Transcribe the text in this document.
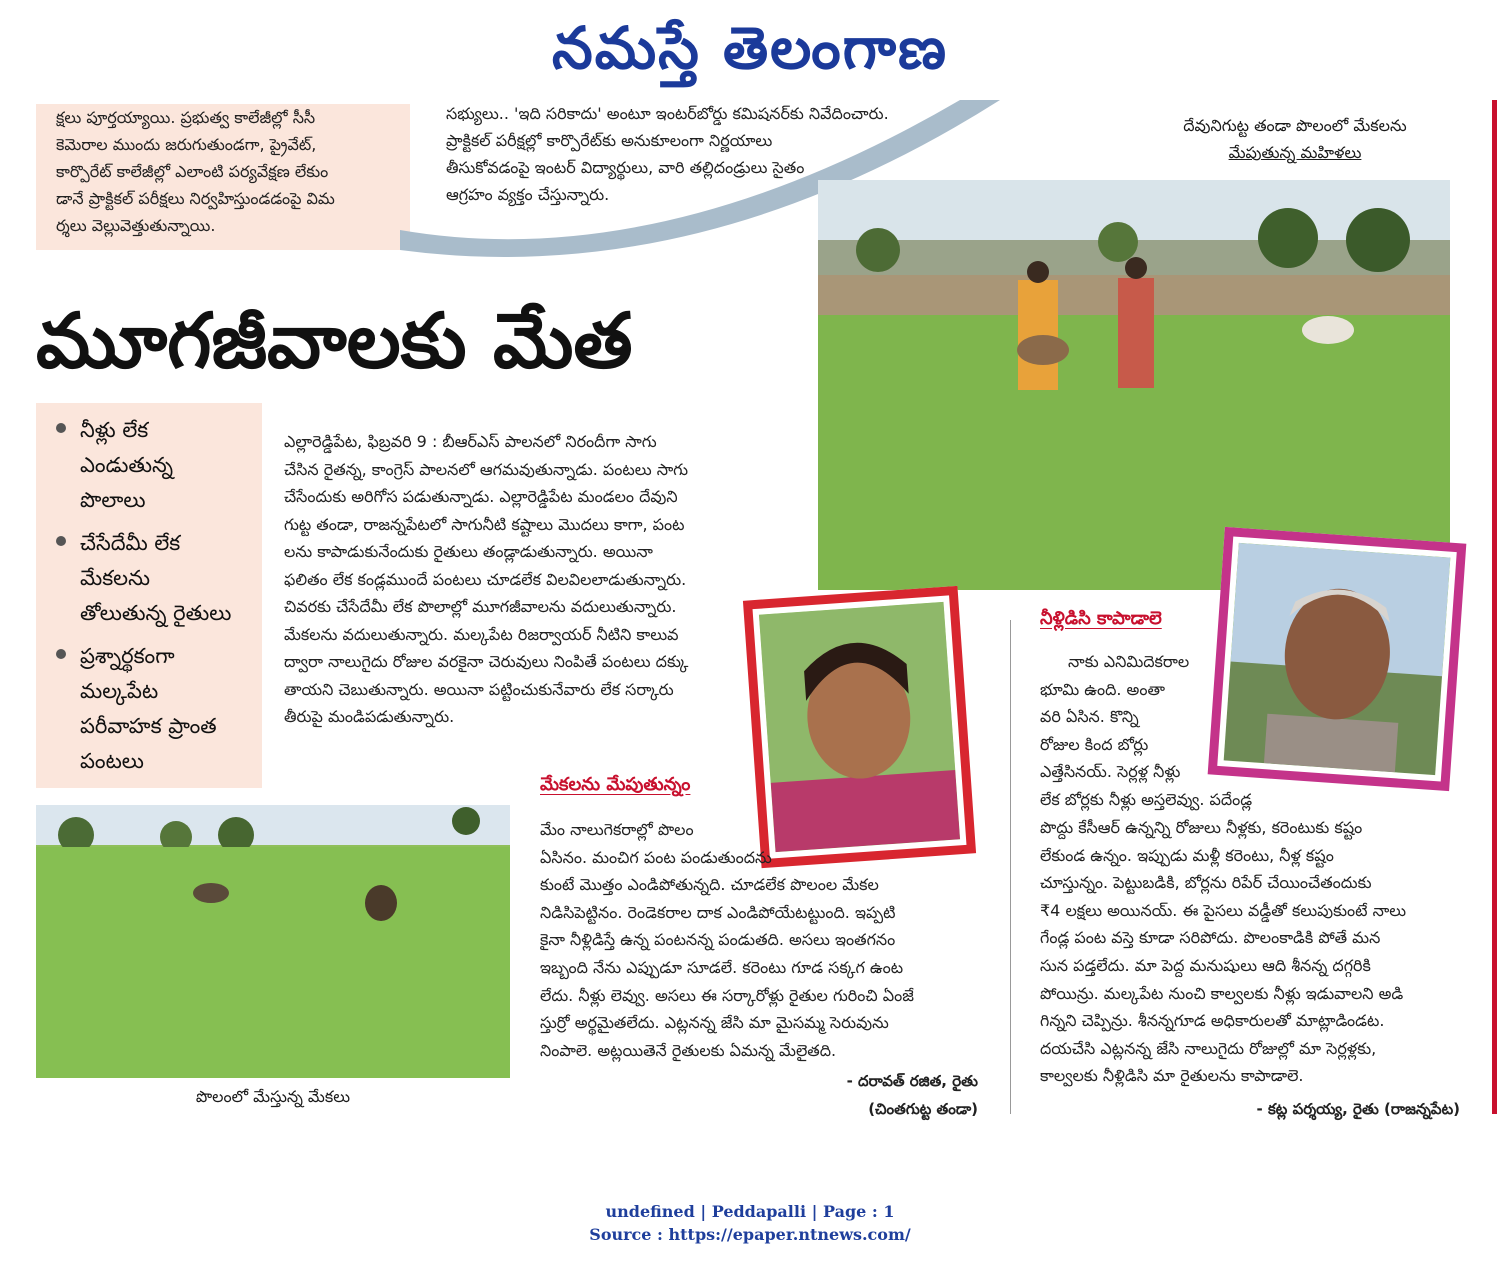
నమస్తే తెలంగాణ

క్షలు పూర్తయ్యాయి. ప్రభుత్వ కాలేజీల్లో సీసీ

కెమెరాల ముందు జరుగుతుండగా, ప్రైవేట్,

కార్పొరేట్ కాలేజీల్లో ఎలాంటి పర్యవేక్షణ లేకుం

డానే ప్రాక్టికల్ పరీక్షలు నిర్వహిస్తుండడంపై విమ

ర్శలు వెల్లువెత్తుతున్నాయి.

సభ్యులు.. 'ఇది సరికాదు' అంటూ ఇంటర్‌బోర్డు కమిషనర్‌కు నివేదించారు.

ప్రాక్టికల్ పరీక్షల్లో కార్పొరేట్‌కు అనుకూలంగా నిర్ణయాలు

తీసుకోవడంపై ఇంటర్ విద్యార్థులు, వారి తల్లిదండ్రులు సైతం

ఆగ్రహం వ్యక్తం చేస్తున్నారు.

దేవునిగుట్ట తండా పొలంలో మేకలను
మేపుతున్న మహిళలు
మూగజీవాలకు మేత
నీళ్లు లేక
ఎండుతున్న
పొలాలు
చేసేదేమీ లేక
మేకలను
తోలుతున్న రైతులు
ప్రశ్నార్థకంగా
మల్కపేట
పరీవాహక ప్రాంత
పంటలు

ఎల్లారెడ్డిపేట, ఫిబ్రవరి 9 : బీఆర్‌ఎస్ పాలనలో నిరందీగా సాగు

చేసిన రైతన్న, కాంగ్రెస్ పాలనలో ఆగమవుతున్నాడు. పంటలు సాగు

చేసేందుకు అరిగోస పడుతున్నాడు. ఎల్లారెడ్డిపేట మండలం దేవుని

గుట్ట తండా, రాజన్నపేటలో సాగునీటి కష్టాలు మొదలు కాగా, పంట

లను కాపాడుకునేందుకు రైతులు తండ్లాడుతున్నారు. అయినా

ఫలితం లేక కండ్లముందే పంటలు చూడలేక విలవిలలాడుతున్నారు.

చివరకు చేసేదేమీ లేక పొలాల్లో మూగజీవాలను వదులుతున్నారు.

మేకలను వదులుతున్నారు. మల్కపేట రిజర్వాయర్ నీటిని కాలువ

ద్వారా నాలుగైదు రోజుల వరకైనా చెరువులు నింపితే పంటలు దక్కు

తాయని చెబుతున్నారు. అయినా పట్టించుకునేవారు లేక సర్కారు

తీరుపై మండిపడుతున్నారు.

మేకలను మేపుతున్నం

మేం నాలుగెకరాల్లో పొలం

ఏసినం. మంచిగ పంట పండుతుందను

కుంటే మొత్తం ఎండిపోతున్నది. చూడలేక పొలంల మేకల

నిడిసిపెట్టినం. రెండెకరాల దాక ఎండిపోయేటట్టుంది. ఇప్పటి

కైనా నీళ్లిడిస్తే ఉన్న పంటనన్న పండుతది. అసలు ఇంతగనం

ఇబ్బంది నేను ఎప్పుడూ సూడలే. కరెంటు గూడ సక్కగ ఉంట

లేదు. నీళ్లు లెవ్వు. అసలు ఈ సర్కారోళ్లు రైతుల గురించి ఏంజే

స్తుర్రో అర్థమైతలేదు. ఎట్లనన్న జేసి మా మైసమ్మ సెరువును

నింపాలె. అట్లయితెనే రైతులకు ఏమన్న మేలైతది.

- దరావత్ రజిత, రైతు
(చింతగుట్ట తండా)
నీళ్లిడిసి కాపాడాలె

నాకు ఎనిమిదెకరాల

భూమి ఉంది. అంతా

వరి ఏసిన. కొన్ని

రోజుల కింద బోర్లు

ఎత్తేసినయ్. సెర్లళ్ల నీళ్లు

లేక బోర్లకు నీళ్లు అస్తలెవ్వు. పదేండ్ల

పొద్దు కేసీఆర్ ఉన్నన్ని రోజులు నీళ్లకు, కరెంటుకు కష్టం

లేకుండ ఉన్నం. ఇప్పుడు మళ్లీ కరెంటు, నీళ్ల కష్టం

చూస్తున్నం. పెట్టుబడికి, బోర్లను రిపేర్ చేయించేతందుకు

₹4 లక్షలు అయినయ్. ఈ పైసలు వడ్డీతో కలుపుకుంటే నాలు

గేండ్ల పంట వస్తె కూడా సరిపోదు. పొలంకాడికి పోతే మన

సున పడ్తలేదు. మా పెద్ద మనుషులు ఆది శీనన్న దగ్గరికి

పోయిన్రు. మల్కపేట నుంచి కాల్వలకు నీళ్లు ఇడువాలని అడి

గిన్నని చెప్పిన్రు. శీనన్నగూడ అధికారులతో మాట్లాడిండట.

దయచేసి ఎట్లనన్న జేసి నాలుగైదు రోజుల్లో మా సెర్లళ్లకు,

కాల్వలకు నీళ్లిడిసి మా రైతులను కాపాడాలె.

- కట్ల పర్శయ్య, రైతు (రాజన్నపేట)
పొలంలో మేస్తున్న మేకలు
undefined | Peddapalli | Page : 1
Source : https://epaper.ntnews.com/
